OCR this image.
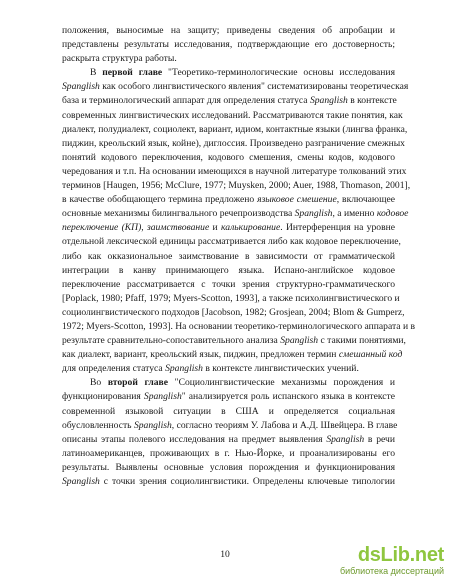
положения, выносимые на защиту; приведены сведения об апробации и
представлены результаты исследования, подтверждающие его достоверность;
раскрыта структура работы.
В первой главе "Теоретико-терминологические основы исследования
Spanglish как особого лингвистического явления" систематизированы теоретическая
база и терминологический аппарат для определения статуса Spanglish в контексте
современных лингвистических исследований. Рассматриваются такие понятия, как
диалект, полудиалект, социолект, вариант, идиом, контактные языки (лингва франка,
пиджин, креольский язык, койне), диглоссия. Произведено разграничение смежных
понятий кодового переключения, кодового смешения, смены кодов, кодового
чередования и т.п. На основании имеющихся в научной литературе толкований этих
терминов [Haugen, 1956; McClure, 1977; Muysken, 2000; Auer, 1988, Thomason, 2001],
в качестве обобщающего термина предложено языковое смешение, включающее
основные механизмы билингвального речепроизводства Spanglish, а именно кодовое
переключение (КП), заимствование и калькирование. Интерференция на уровне
отдельной лексической единицы рассматривается либо как кодовое переключение,
либо как окказиональное заимствование в зависимости от грамматической
интеграции в канву принимающего языка. Испано-английское кодовое
переключение рассматривается с точки зрения структурно-грамматического
[Poplack, 1980; Pfaff, 1979; Myers-Scotton, 1993], а также психолингвистического и
социолингвистического подходов [Jacobson, 1982; Grosjean, 2004; Blom & Gumperz,
1972; Myers-Scotton, 1993]. На основании теоретико-терминологического аппарата и в
результате сравнительно-сопоставительного анализа Spanglish с такими понятиями,
как диалект, вариант, креольский язык, пиджин, предложен термин смешанный код
для определения статуса Spanglish в контексте лингвистических учений.
Во второй главе "Социолингвистические механизмы порождения и
функционирования Spanglish" анализируется роль испанского языка в контексте
современной языковой ситуации в США и определяется социальная
обусловленность Spanglish, согласно теориям У. Лабова и А.Д. Швейцера. В главе
описаны этапы полевого исследования на предмет выявления Spanglish в речи
латиноамериканцев, проживающих в г. Нью-Йорке, и проанализированы его
результаты. Выявлены основные условия порождения и функционирования
Spanglish с точки зрения социолингвистики. Определены ключевые типологии
10	dsLib.net
библиотека диссертаций
